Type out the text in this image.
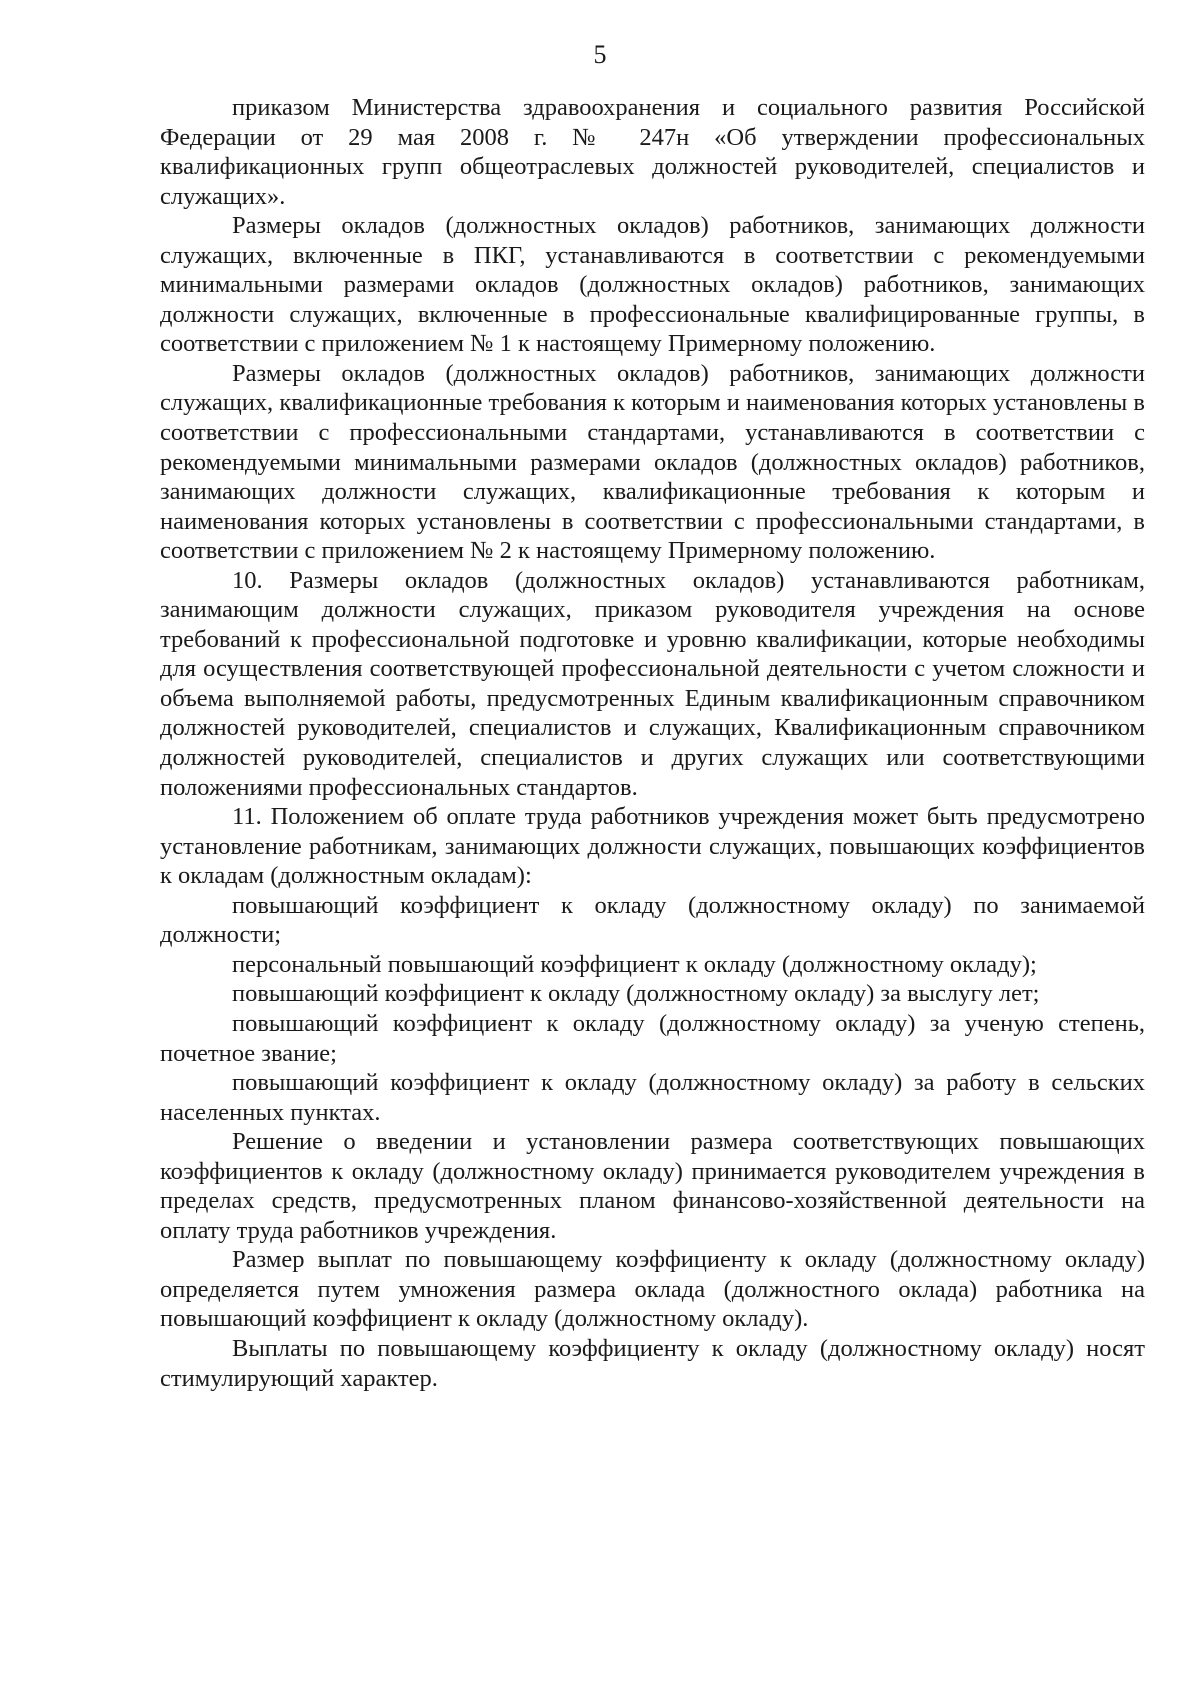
5

приказом Министерства здравоохранения и социального развития Российской Федерации от 29 мая 2008 г. № 247н «Об утверждении профессиональных квалификационных групп общеотраслевых должностей руководителей, специалистов и служащих».

Размеры окладов (должностных окладов) работников, занимающих должности служащих, включенные в ПКГ, устанавливаются в соответствии с рекомендуемыми минимальными размерами окладов (должностных окладов) работников, занимающих должности служащих, включенные в профессиональные квалифицированные группы, в соответствии с приложением № 1 к настоящему Примерному положению.

Размеры окладов (должностных окладов) работников, занимающих должности служащих, квалификационные требования к которым и наименования которых установлены в соответствии с профессиональными стандартами, устанавливаются в соответствии с рекомендуемыми минимальными размерами окладов (должностных окладов) работников, занимающих должности служащих, квалификационные требования к которым и наименования которых установлены в соответствии с профессиональными стандартами, в соответствии с приложением № 2 к настоящему Примерному положению.

10. Размеры окладов (должностных окладов) устанавливаются работникам, занимающим должности служащих, приказом руководителя учреждения на основе требований к профессиональной подготовке и уровню квалификации, которые необходимы для осуществления соответствующей профессиональной деятельности с учетом сложности и объема выполняемой работы, предусмотренных Единым квалификационным справочником должностей руководителей, специалистов и служащих, Квалификационным справочником должностей руководителей, специалистов и других служащих или соответствующими положениями профессиональных стандартов.

11. Положением об оплате труда работников учреждения может быть предусмотрено установление работникам, занимающих должности служащих, повышающих коэффициентов к окладам (должностным окладам):

повышающий коэффициент к окладу (должностному окладу) по занимаемой должности;

персональный повышающий коэффициент к окладу (должностному окладу);

повышающий коэффициент к окладу (должностному окладу) за выслугу лет;

повышающий коэффициент к окладу (должностному окладу) за ученую степень, почетное звание;

повышающий коэффициент к окладу (должностному окладу) за работу в сельских населенных пунктах.

Решение о введении и установлении размера соответствующих повышающих коэффициентов к окладу (должностному окладу) принимается руководителем учреждения в пределах средств, предусмотренных планом финансово-хозяйственной деятельности на оплату труда работников учреждения.

Размер выплат по повышающему коэффициенту к окладу (должностному окладу) определяется путем умножения размера оклада (должностного оклада) работника на повышающий коэффициент к окладу (должностному окладу).

Выплаты по повышающему коэффициенту к окладу (должностному окладу) носят стимулирующий характер.
